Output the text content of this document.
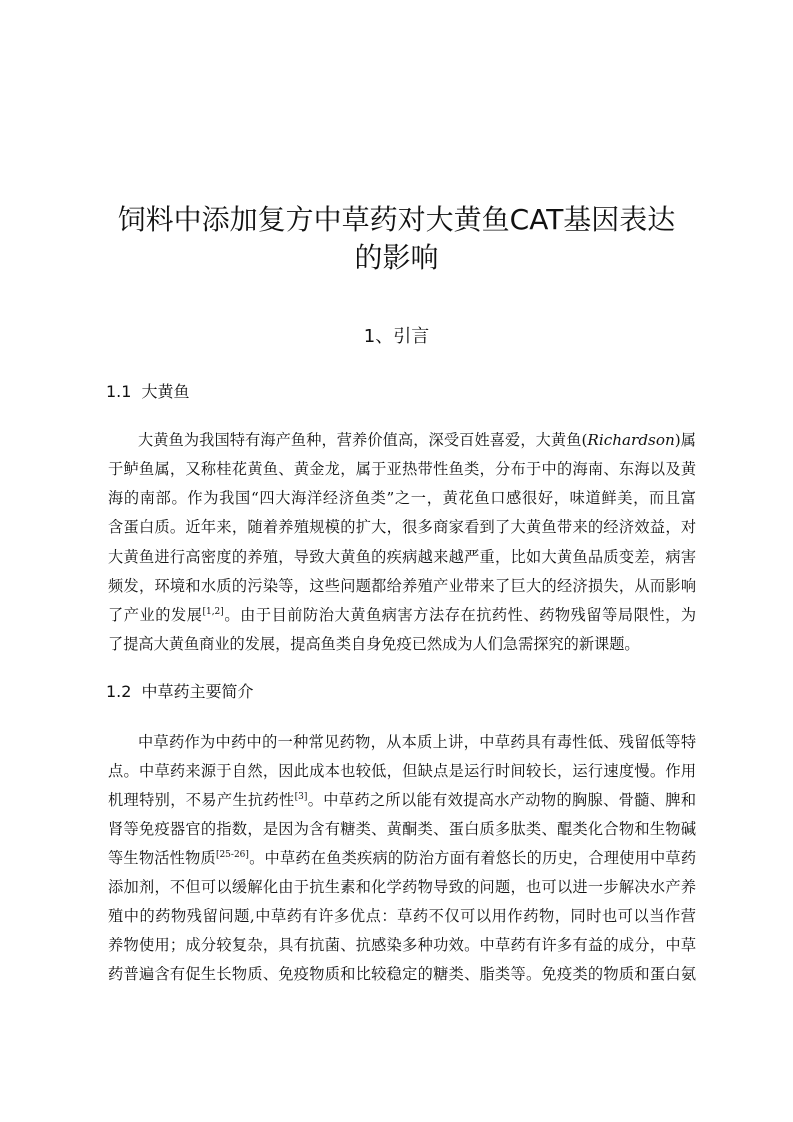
饲料中添加复方中草药对大黄鱼CAT基因表达
的影响
1、引言
1.1 大黄鱼
大黄鱼为我国特有海产鱼种，营养价值高，深受百姓喜爱，大黄鱼(Richardson)属
于鲈鱼属，又称桂花黄鱼、黄金龙，属于亚热带性鱼类，分布于中的海南、东海以及黄
海的南部。作为我国“四大海洋经济鱼类”之一，黄花鱼口感很好，味道鲜美，而且富
含蛋白质。近年来，随着养殖规模的扩大，很多商家看到了大黄鱼带来的经济效益，对
大黄鱼进行高密度的养殖，导致大黄鱼的疾病越来越严重，比如大黄鱼品质变差，病害
频发，环境和水质的污染等，这些问题都给养殖产业带来了巨大的经济损失，从而影响
了产业的发展[1,2]。由于目前防治大黄鱼病害方法存在抗药性、药物残留等局限性，为
了提高大黄鱼商业的发展，提高鱼类自身免疫已然成为人们急需探究的新课题。
1.2 中草药主要简介
中草药作为中药中的一种常见药物，从本质上讲，中草药具有毒性低、残留低等特
点。中草药来源于自然，因此成本也较低，但缺点是运行时间较长，运行速度慢。作用
机理特别，不易产生抗药性[3]。中草药之所以能有效提高水产动物的胸腺、骨髓、脾和
肾等免疫器官的指数，是因为含有糖类、黄酮类、蛋白质多肽类、醌类化合物和生物碱
等生物活性物质[25-26]。中草药在鱼类疾病的防治方面有着悠长的历史，合理使用中草药
添加剂，不但可以缓解化由于抗生素和化学药物导致的问题，也可以进一步解决水产养
殖中的药物残留问题,中草药有许多优点：草药不仅可以用作药物，同时也可以当作营
养物使用；成分较复杂，具有抗菌、抗感染多种功效。中草药有许多有益的成分，中草
药普遍含有促生长物质、免疫物质和比较稳定的糖类、脂类等。免疫类的物质和蛋白氨
